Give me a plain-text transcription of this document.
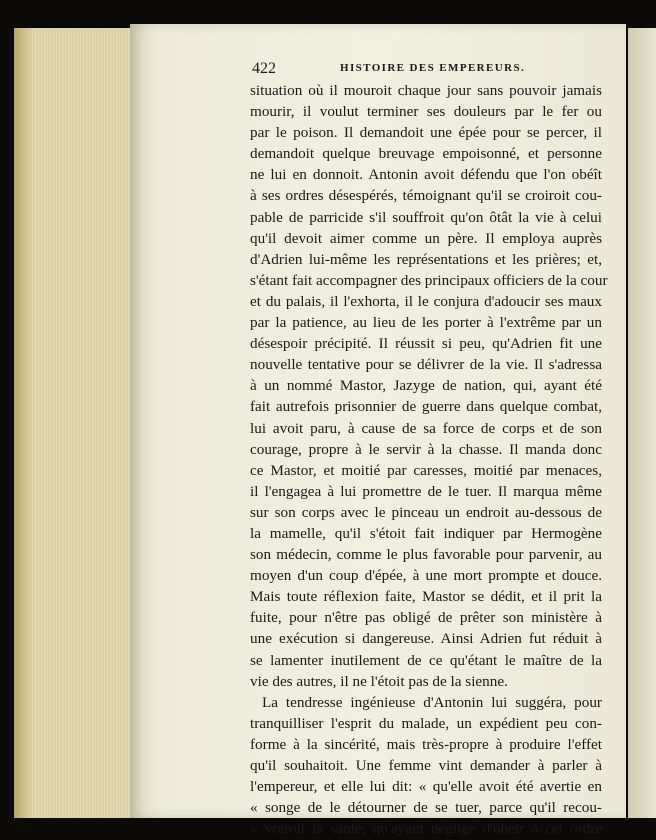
422	HISTOIRE DES EMPEREURS.
situation où il mouroit chaque jour sans pouvoir jamais
mourir, il voulut terminer ses douleurs par le fer ou
par le poison. Il demandoit une épée pour se percer, il
demandoit quelque breuvage empoisonné, et personne
ne lui en donnoit. Antonin avoit défendu que l'on obéît
à ses ordres désespérés, témoignant qu'il se croiroit cou-
pable de parricide s'il souffroit qu'on ôtât la vie à celui
qu'il devoit aimer comme un père. Il employa auprès
d'Adrien lui-même les représentations et les prières; et,
s'étant fait accompagner des principaux officiers de la cour
et du palais, il l'exhorta, il le conjura d'adoucir ses maux
par la patience, au lieu de les porter à l'extrême par un
désespoir précipité. Il réussit si peu, qu'Adrien fit une
nouvelle tentative pour se délivrer de la vie. Il s'adressa
à un nommé Mastor, Jazyge de nation, qui, ayant été
fait autrefois prisonnier de guerre dans quelque combat,
lui avoit paru, à cause de sa force de corps et de son
courage, propre à le servir à la chasse. Il manda donc
ce Mastor, et moitié par caresses, moitié par menaces,
il l'engagea à lui promettre de le tuer. Il marqua même
sur son corps avec le pinceau un endroit au-dessous de
la mamelle, qu'il s'étoit fait indiquer par Hermogène
son médecin, comme le plus favorable pour parvenir, au
moyen d'un coup d'épée, à une mort prompte et douce.
Mais toute réflexion faite, Mastor se dédit, et il prit la
fuite, pour n'être pas obligé de prêter son ministère à
une exécution si dangereuse. Ainsi Adrien fut réduit à
se lamenter inutilement de ce qu'étant le maître de la
vie des autres, il ne l'étoit pas de la sienne.
La tendresse ingénieuse d'Antonin lui suggéra, pour
tranquilliser l'esprit du malade, un expédient peu con-
forme à la sincérité, mais très-propre à produire l'effet
qu'il souhaitoit. Une femme vint demander à parler à
l'empereur, et elle lui dit: « qu'elle avoit été avertie en
« songe de le détourner de se tuer, parce qu'il recou-
« vreroit la santé; qu'ayant négligé d'obéir à cet ordre
